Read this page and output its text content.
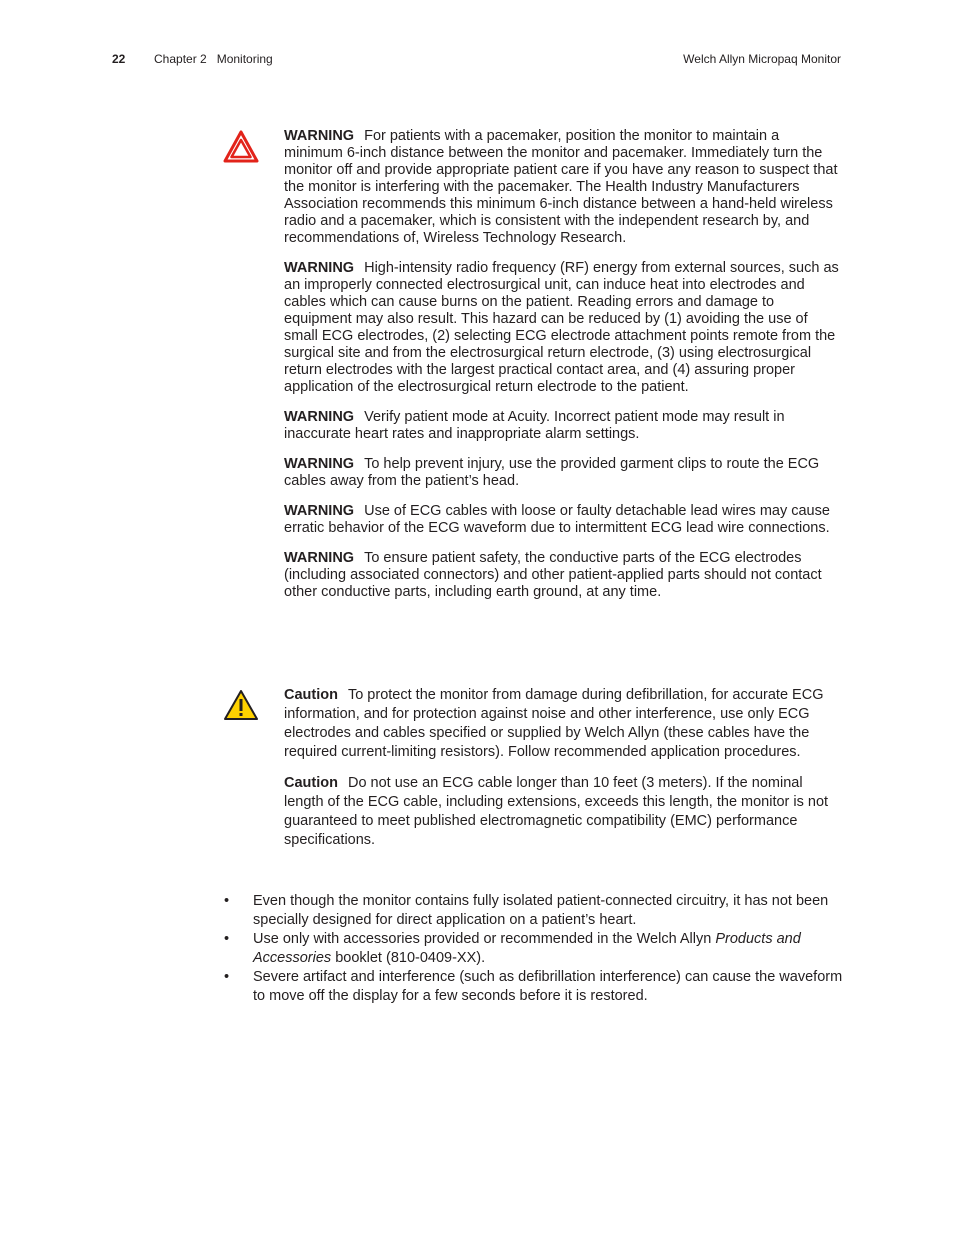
22 Chapter 2 Monitoring	Welch Allyn Micropaq Monitor

WARNING For patients with a pacemaker, position the monitor to maintain a minimum 6-inch distance between the monitor and pacemaker. Immediately turn the monitor off and provide appropriate patient care if you have any reason to suspect that the monitor is interfering with the pacemaker. The Health Industry Manufacturers Association recommends this minimum 6-inch distance between a hand-held wireless radio and a pacemaker, which is consistent with the independent research by, and recommendations of, Wireless Technology Research.

WARNING High-intensity radio frequency (RF) energy from external sources, such as an improperly connected electrosurgical unit, can induce heat into electrodes and cables which can cause burns on the patient. Reading errors and damage to equipment may also result. This hazard can be reduced by (1) avoiding the use of small ECG electrodes, (2) selecting ECG electrode attachment points remote from the surgical site and from the electrosurgical return electrode, (3) using electrosurgical return electrodes with the largest practical contact area, and (4) assuring proper application of the electrosurgical return electrode to the patient.

WARNING Verify patient mode at Acuity. Incorrect patient mode may result in inaccurate heart rates and inappropriate alarm settings.

WARNING To help prevent injury, use the provided garment clips to route the ECG cables away from the patient’s head.

WARNING Use of ECG cables with loose or faulty detachable lead wires may cause erratic behavior of the ECG waveform due to intermittent ECG lead wire connections.

WARNING To ensure patient safety, the conductive parts of the ECG electrodes (including associated connectors) and other patient-applied parts should not contact other conductive parts, including earth ground, at any time.

Caution To protect the monitor from damage during defibrillation, for accurate ECG information, and for protection against noise and other interference, use only ECG electrodes and cables specified or supplied by Welch Allyn (these cables have the required current-limiting resistors). Follow recommended application procedures.

Caution Do not use an ECG cable longer than 10 feet (3 meters). If the nominal length of the ECG cable, including extensions, exceeds this length, the monitor is not guaranteed to meet published electromagnetic compatibility (EMC) performance specifications.

• Even though the monitor contains fully isolated patient-connected circuitry, it has not been specially designed for direct application on a patient’s heart.
• Use only with accessories provided or recommended in the Welch Allyn Products and Accessories booklet (810-0409-XX).
• Severe artifact and interference (such as defibrillation interference) can cause the waveform to move off the display for a few seconds before it is restored.
